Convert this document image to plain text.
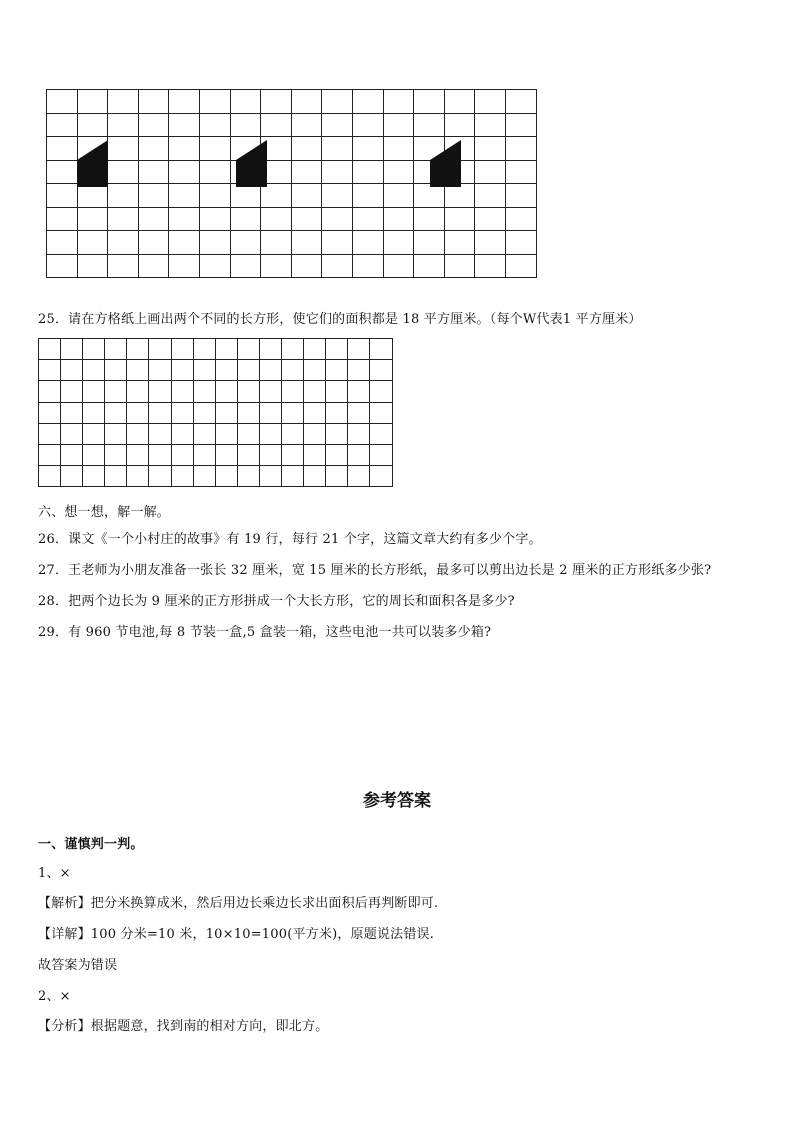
25．请在方格纸上画出两个不同的长方形，使它们的面积都是 18 平方厘米。（每个W代表1 平方厘米）

六、想一想，解一解。
26．课文《一个小村庄的故事》有 19 行，每行 21 个字，这篇文章大约有多少个字。
27．王老师为小朋友准备一张长 32 厘米，宽 15 厘米的长方形纸，最多可以剪出边长是 2 厘米的正方形纸多少张?
28．把两个边长为 9 厘米的正方形拼成一个大长方形，它的周长和面积各是多少?
29．有 960 节电池,每 8 节装一盒,5 盒装一箱，这些电池一共可以装多少箱?
参考答案
一、谨慎判一判。
1、×
【解析】把分米换算成米，然后用边长乘边长求出面积后再判断即可.
【详解】100 分米=10 米，10×10=100(平方米)，原题说法错误.
故答案为错误
2、×
【分析】根据题意，找到南的相对方向，即北方。
